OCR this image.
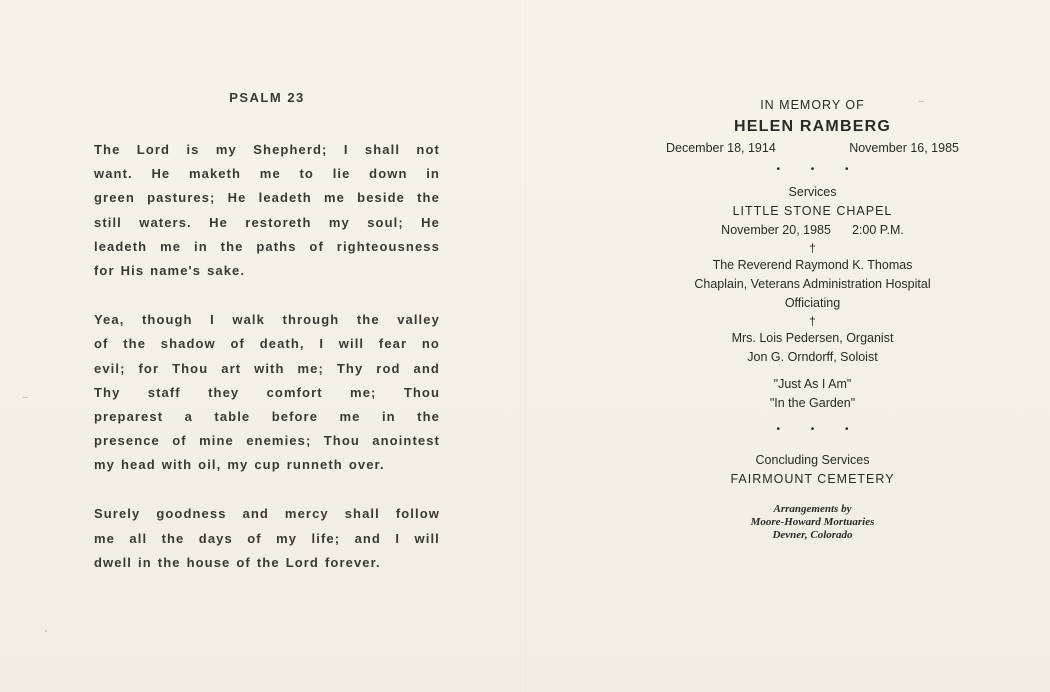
PSALM 23
The Lord is my Shepherd; I shall not
want. He maketh me to lie down in
green pastures; He leadeth me beside the
still waters. He restoreth my soul; He
leadeth me in the paths of righteousness
for His name's sake.
Yea, though I walk through the valley
of the shadow of death, I will fear no
evil; for Thou art with me; Thy rod and
Thy staff they comfort me; Thou
preparest a table before me in the
presence of mine enemies; Thou anointest
my head with oil, my cup runneth over.
Surely goodness and mercy shall follow
me all the days of my life; and I will
dwell in the house of the Lord forever.
IN MEMORY OF
HELEN RAMBERG
December 18, 1914	November 16, 1985
• • •
Services
LITTLE STONE CHAPEL
November 20, 1985 2:00 P.M.
†
The Reverend Raymond K. Thomas
Chaplain, Veterans Administration Hospital
Officiating
†
Mrs. Lois Pedersen, Organist
Jon G. Orndorff, Soloist
"Just As I Am"
"In the Garden"
• • •
Concluding Services
FAIRMOUNT CEMETERY
Arrangements by
Moore-Howard Mortuaries
Devner, Colorado
